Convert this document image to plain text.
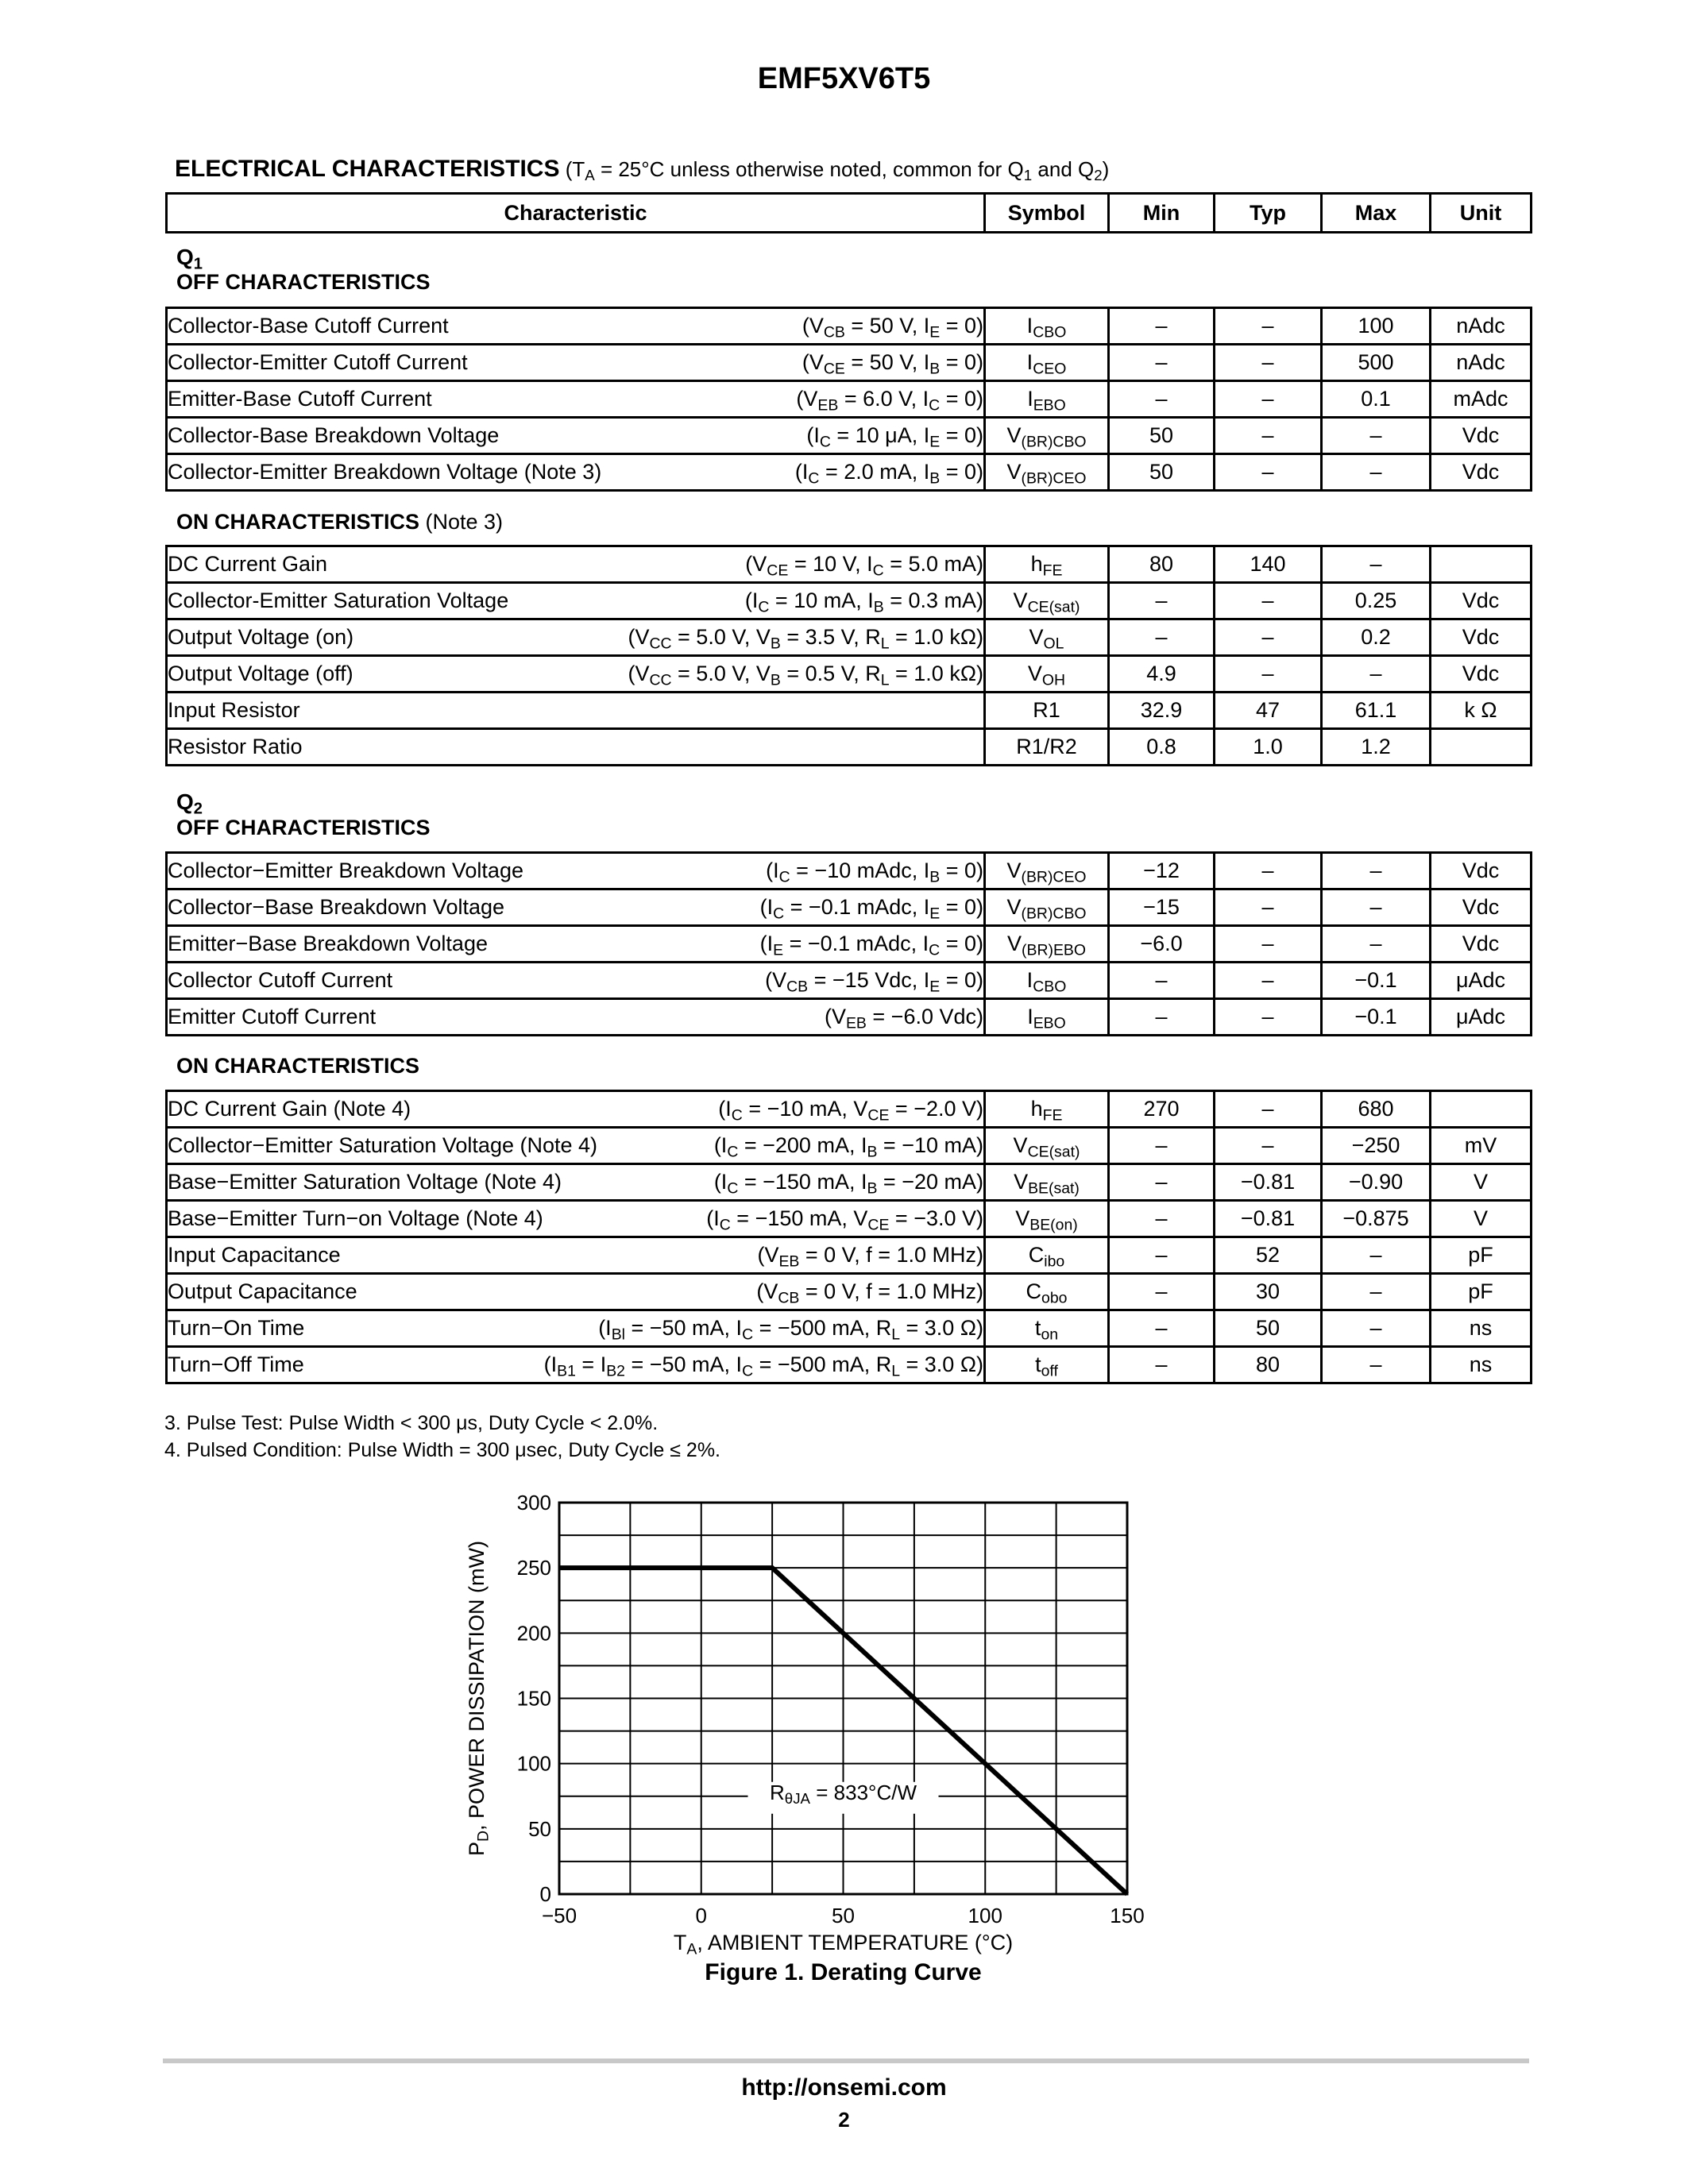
EMF5XV6T5
ELECTRICAL CHARACTERISTICS ($T_A = 25^\circ C$ unless otherwise noted, common for $Q_1$ and $Q_2$)
Characteristic	Symbol	Min	Typ	Max	Unit
$Q_1$
OFF CHARACTERISTICS
Collector-Base Cutoff Current ($V_{CB} = 50$ V, $I_E = 0$)	$I_{CBO}$	–	–	100	nAdc

Collector-Emitter Cutoff Current ($V_{CE} = 50$ V, $I_B = 0$)	$I_{CEO}$	–	–	500	nAdc

Emitter-Base Cutoff Current ($V_{EB} = 6.0$ V, $I_C = 0$)	$I_{EBO}$	–	–	0.1	mAdc

Collector-Base Breakdown Voltage ($I_C = 10$ μA, $I_E = 0$)	$V_{(BR)CBO}$	50	–	–	Vdc

Collector-Emitter Breakdown Voltage (Note 3) ($I_C = 2.0$ mA, $I_B = 0$)	$V_{(BR)CEO}$	50	–	–	Vdc
ON CHARACTERISTICS (Note 3)
DC Current Gain ($V_{CE} = 10$ V, $I_C = 5.0$ mA)	$h_{FE}$	80	140	–	

Collector-Emitter Saturation Voltage ($I_C = 10$ mA, $I_B = 0.3$ mA)	$V_{CE(sat)}$	–	–	0.25	Vdc

Output Voltage (on) ($V_{CC} = 5.0$ V, $V_B = 3.5$ V, $R_L = 1.0$ kΩ)	$V_{OL}$	–	–	0.2	Vdc

Output Voltage (off) ($V_{CC} = 5.0$ V, $V_B = 0.5$ V, $R_L = 1.0$ kΩ)	$V_{OH}$	4.9	–	–	Vdc

Input Resistor	R1	32.9	47	61.1	k Ω

Resistor Ratio	R1/R2	0.8	1.0	1.2	
$Q_2$
OFF CHARACTERISTICS
Collector−Emitter Breakdown Voltage ($I_C = -10$ mAdc, $I_B = 0$)	$V_{(BR)CEO}$	−12	–	–	Vdc

Collector−Base Breakdown Voltage ($I_C = -0.1$ mAdc, $I_E = 0$)	$V_{(BR)CBO}$	−15	–	–	Vdc

Emitter−Base Breakdown Voltage ($I_E = -0.1$ mAdc, $I_C = 0$)	$V_{(BR)EBO}$	−6.0	–	–	Vdc

Collector Cutoff Current ($V_{CB} = -15$ Vdc, $I_E = 0$)	$I_{CBO}$	–	–	−0.1	μAdc

Emitter Cutoff Current ($V_{EB} = -6.0$ Vdc)	$I_{EBO}$	–	–	−0.1	μAdc
ON CHARACTERISTICS
DC Current Gain (Note 4) ($I_C = -10$ mA, $V_{CE} = -2.0$ V)	$h_{FE}$	270	–	680	

Collector−Emitter Saturation Voltage (Note 4) ($I_C = -200$ mA, $I_B = -10$ mA)	$V_{CE(sat)}$	–	–	−250	mV

Base−Emitter Saturation Voltage (Note 4) ($I_C = -150$ mA, $I_B = -20$ mA)	$V_{BE(sat)}$	–	−0.81	−0.90	V

Base−Emitter Turn−on Voltage (Note 4) ($I_C = -150$ mA, $V_{CE} = -3.0$ V)	$V_{BE(on)}$	–	−0.81	−0.875	V

Input Capacitance ($V_{EB} = 0$ V, f = 1.0 MHz)	$C_{ibo}$	–	52	–	pF

Output Capacitance ($V_{CB} = 0$ V, f = 1.0 MHz)	$C_{obo}$	–	30	–	pF

Turn−On Time ($I_{Bl} = -50$ mA, $I_C = -500$ mA, $R_L = 3.0$ Ω)	$t_{on}$	–	50	–	ns

Turn−Off Time ($I_{B1} = I_{B2} = -50$ mA, $I_C = -500$ mA, $R_L = 3.0$ Ω)	$t_{off}$	–	80	–	ns
3. Pulse Test: Pulse Width < 300 μs, Duty Cycle < 2.0%.
4. Pulsed Condition: Pulse Width = 300 μsec, Duty Cycle ≤ 2%.
−50	0	50	100	150
0
50
100
150
200
250
300
$R_{\theta JA} = 833^\circ C/W$
$T_A$, AMBIENT TEMPERATURE (°C)
$P_D$, POWER DISSIPATION (mW)
Figure 1. Derating Curve
http://onsemi.com
2
